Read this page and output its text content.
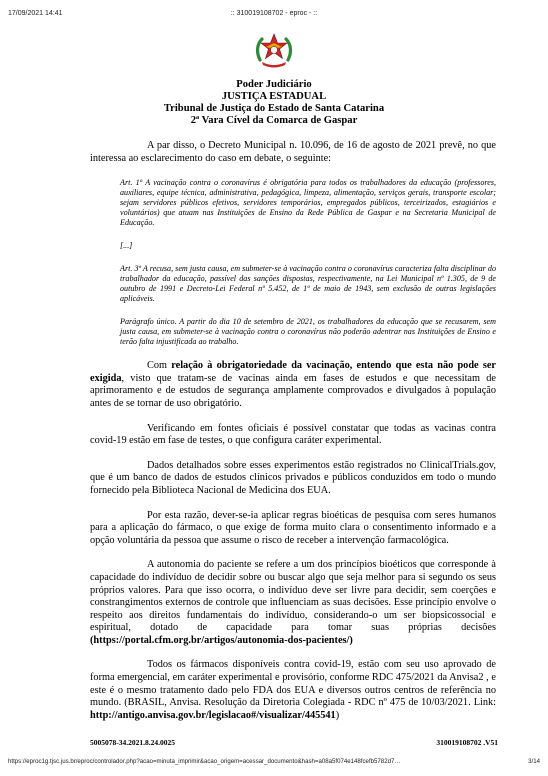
17/09/2021 14:41	:: 310019108702 - eproc - ::
Poder Judiciário
JUSTIÇA ESTADUAL
Tribunal de Justiça do Estado de Santa Catarina
2ª Vara Cível da Comarca de Gaspar

A par disso, o Decreto Municipal n. 10.096, de 16 de agosto de 2021 prevê, no que interessa ao esclarecimento do caso em debate, o seguinte:

Art. 1º A vacinação contra o coronavírus é obrigatória para todos os trabalhadores da educação (professores, auxiliares, equipe técnica, administrativa, pedagógica, limpeza, alimentação, serviços gerais, transporte escolar; sejam servidores públicos efetivos, servidores temporários, empregados públicos, terceirizados, estagiários e voluntários) que atuam nas Instituições de Ensino da Rede Pública de Gaspar e na Secretaria Municipal de Educação.

[...]

Art. 3º A recusa, sem justa causa, em submeter-se à vacinação contra o coronavírus caracteriza falta disciplinar do trabalhador da educação, passível das sanções dispostas, respectivamente, na Lei Municipal nº 1.305, de 9 de outubro de 1991 e Decreto-Lei Federal nº 5.452, de 1º de maio de 1943, sem exclusão de outras legislações aplicáveis.

Parágrafo único. A partir do dia 10 de setembro de 2021, os trabalhadores da educação que se recusarem, sem justa causa, em submeter-se à vacinação contra o coronavírus não poderão adentrar nas Instituições de Ensino e terão falta injustificada ao trabalho.

Com relação à obrigatoriedade da vacinação, entendo que esta não pode ser exigida, visto que tratam-se de vacinas ainda em fases de estudos e que necessitam de aprimoramento e de estudos de segurança amplamente comprovados e divulgados à população antes de se tornar de uso obrigatório.

Verificando em fontes oficiais é possível constatar que todas as vacinas contra covid-19 estão em fase de testes, o que configura caráter experimental.

Dados detalhados sobre esses experimentos estão registrados no ClinicalTrials.gov, que é um banco de dados de estudos clínicos privados e públicos conduzidos em todo o mundo fornecido pela Biblioteca Nacional de Medicina dos EUA.

Por esta razão, dever-se-ia aplicar regras bioéticas de pesquisa com seres humanos para a aplicação do fármaco, o que exige de forma muito clara o consentimento informado e a opção voluntária da pessoa que assume o risco de receber a intervenção farmacológica.

A autonomia do paciente se refere a um dos princípios bioéticos que corresponde à capacidade do indivíduo de decidir sobre ou buscar algo que seja melhor para si segundo os seus próprios valores. Para que isso ocorra, o indivíduo deve ser livre para decidir, sem coerções e constrangimentos externos de controle que influenciam as suas decisões. Esse princípio envolve o respeito aos direitos fundamentais do indivíduo, considerando-o um ser biopsicossocial e espiritual, dotado de capacidade para tomar suas próprias decisões (https://portal.cfm.org.br/artigos/autonomia-dos-pacientes/)

Todos os fármacos disponíveis contra covid-19, estão com seu uso aprovado de forma emergencial, em caráter experimental e provisório, conforme RDC 475/2021 da Anvisa2 , e este é o mesmo tratamento dado pelo FDA dos EUA e diversos outros centros de referência no mundo. (BRASIL, Anvisa. Resolução da Diretoria Colegiada - RDC nº 475 de 10/03/2021. Link: http://antigo.anvisa.gov.br/legislacao#/visualizar/445541)

5005078-34.2021.8.24.0025	310019108702 .V51
https://eproc1g.tjsc.jus.br/eproc/controlador.php?acao=minuta_imprimir&acao_origem=acessar_documento&hash=a08a5f074e148fcefb5782d7…	3/14
